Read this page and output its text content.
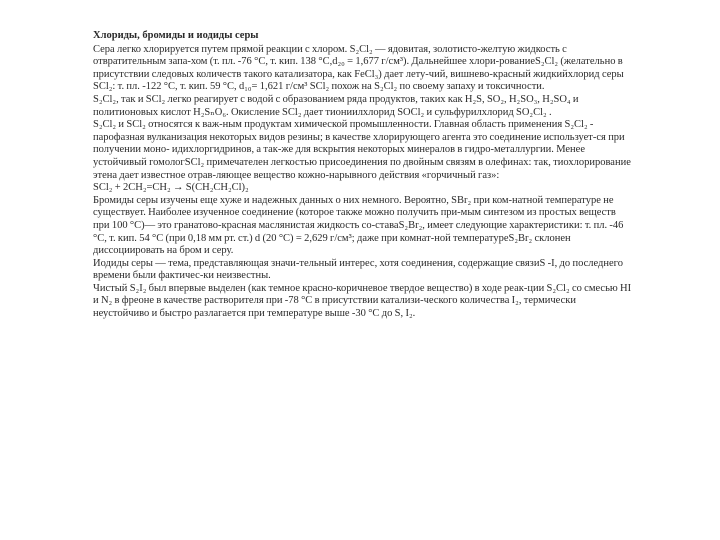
Хлориды, бромиды и иодиды серы

Сера легко хлорируется путем прямой реакции с хлором. S₂Cl₂ — ядовитая, золотисто-желтую жидкость с отвратительным запа-хом (т. пл. -76 °С, т. кип. 138 °С,d₂₀ = 1,677 г/см³). Дальнейшее хлори-рованиеS₂Cl₂ (желательно в присутствии следовых количеств такого катализатора, как FeCl₃) дает лету-чий, вишнево-красный жидкийхлорид серы SCl₂: т. пл. -122 °С, т. кип. 59 °С, d₁₀= 1,621 г/см³ SCl₂ похож на S₂Cl₂ по своему запаху и токсичности.

S₂Cl₂, так и SCl₂ легко реагирует с водой с образованием ряда продуктов, таких как H₂S, SO₂, H₂SO₃, H₂SO₄ и политионовых кислот H₂SₙO₆. Окисление SCl₂ дает тиониилхлорид SOCl₂ и сульфурилхлорид SO₂Cl₂ .

S₂Cl₂ и SCl₂ относятся к важ-ным продуктам химической промышленности. Главная область применения S₂Cl₂ - парофазная вулканизация некоторых видов резины; в качестве хлорирующего агента это соединение использует-ся при получении моно- идихлоргидринов, а так-же для вскрытия некоторых минералов в гидро-металлургии. Менее устойчивый гомологSCl₂ примечателен легкостью присоединения по двойным связям в олефинах: так, тиохлорирование этена дает известное отрав-ляющее вещество кожно-нарывного действия «горчичный газ»:

SCl₂ + 2CH₂=CH₂ → S(CH₂CH₂Cl)₂

Бромиды серы изучены еще хуже и надежных данных о них немного. Вероятно, SBr₂ при ком-натной температуре не существует. Наиболее изученное соединение (которое также можно получить при-мым синтезом из простых веществ при 100 °С)— это гранатово-красная маслянистая жидкость со-ставаS₂Br₂, имеет следующие характеристики: т. пл. -46 °С, т. кип. 54 °С (при 0,18 мм рт. ст.) d (20 °С) = 2,629 г/см³; даже при комнат-ной температуреS₂Br₂ склонен диссоциировать на бром и серу.

Иодиды серы — тема, представляющая значи-тельный интерес, хотя соединения, содержащие связиS -I, до последнего времени были фактичес-ки неизвестны.

Чистый S₂I₂ был впервые выделен (как темное красно-коричневое твердое вещество) в ходе реак-ции S₂Cl₂ со смесью HI и N₂ в фреоне в качестве растворителя при -78 °С в присутствии катализи-ческого количества I₂, термически неустойчиво и быстро разлагается при температуре выше -30 °С до S, I₂.
